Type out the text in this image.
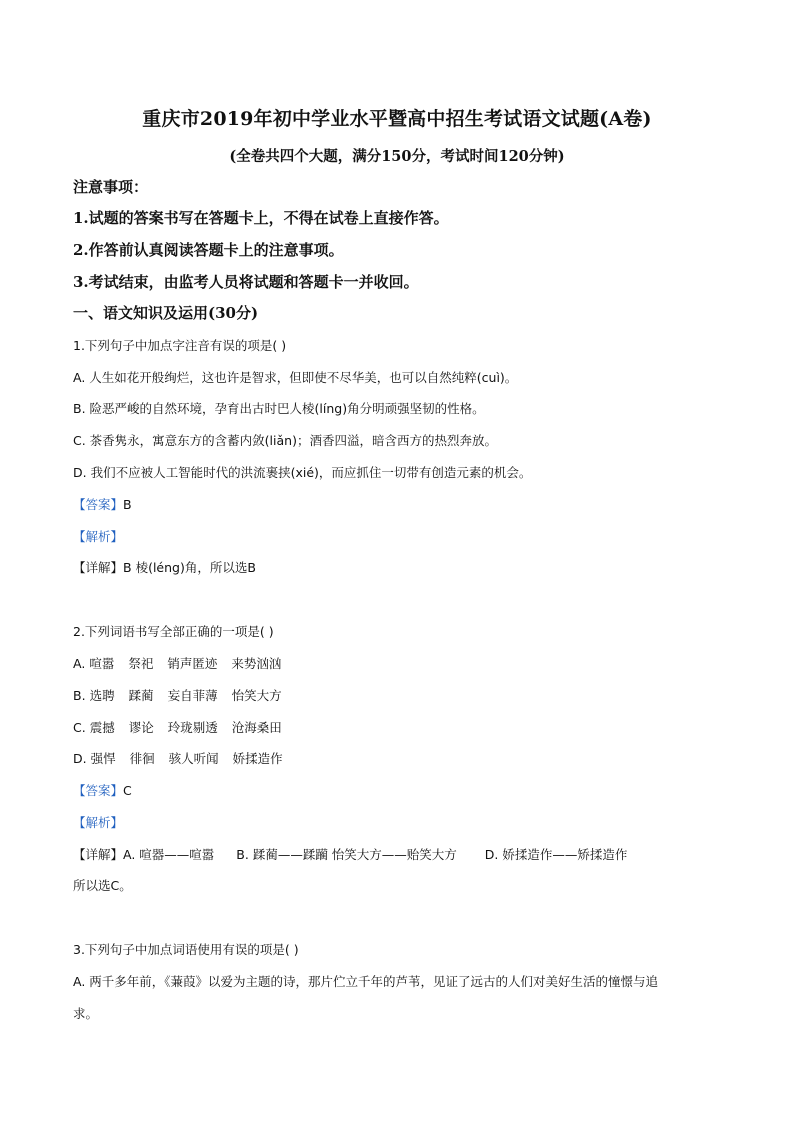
重庆市2019年初中学业水平暨高中招生考试语文试题(A卷)
(全卷共四个大题，满分150分，考试时间120分钟)
注意事项：
1.试题的答案书写在答题卡上，不得在试卷上直接作答。
2.作答前认真阅读答题卡上的注意事项。
3.考试结束，由监考人员将试题和答题卡一并收回。
一、语文知识及运用(30分)
1.下列句子中加点字注音有误的项是( )
A. 人生如花开般绚烂，这也许是智求，但即使不尽华美，也可以自然纯粹(cuì)。
B. 险恶严峻的自然环境，孕育出古时巴人棱(líng)角分明顽强坚韧的性格。
C. 茶香隽永，寓意东方的含蓄内敛(liǎn)；酒香四溢，暗含西方的热烈奔放。
D. 我们不应被人工智能时代的洪流裹挟(xié)，而应抓住一切带有创造元素的机会。
【答案】B
【解析】
【详解】B 棱(léng)角，所以选B
2.下列词语书写全部正确的一项是( )
A. 喧嚣 祭祀 销声匿迹 来势汹汹
B. 选聘 蹂蔺 妄自菲薄 怡笑大方
C. 震撼 谬论 玲珑剔透 沧海桑田
D. 强悍 徘徊 骇人听闻 娇揉造作
【答案】C
【解析】
【详解】A. 喧器——喧嚣 B. 蹂蔺——蹂躏 怡笑大方——贻笑大方 D. 娇揉造作——矫揉造作
所以选C。
3.下列句子中加点词语使用有误的项是( )
A. 两千多年前，《蒹葭》以爱为主题的诗，那片伫立千年的芦苇，见证了远古的人们对美好生活的憧憬与追
求。
